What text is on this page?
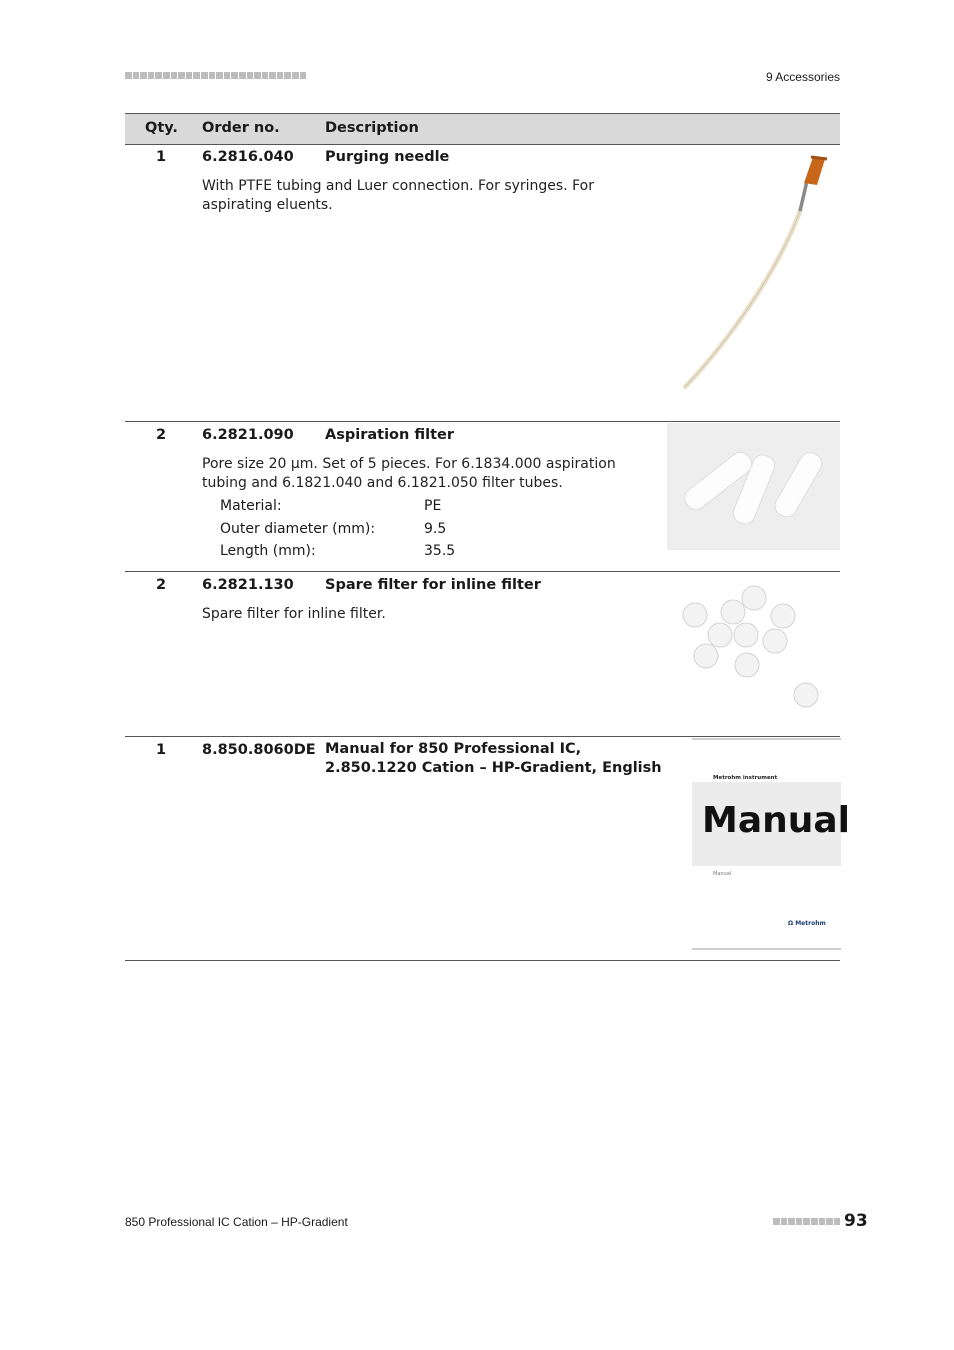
9 Accessories
Qty. Order no.	Description
1	6.2816.040 Purging needle
With PTFE tubing and Luer connection. For syringes. For aspirating eluents.
2	6.2821.090 Aspiration filter
Pore size 20 µm. Set of 5 pieces. For 6.1834.000 aspiration tubing and 6.1821.040 and 6.1821.050 filter tubes.
Material:	PE
Outer diameter (mm):	9.5
Length (mm):	35.5
2	6.2821.130 Spare filter for inline filter
Spare filter for inline filter.
1	8.850.8060DE Manual for 850 Professional IC, 2.850.1220 Cation – HP-Gradient, English
Metrohm instrument
Manual
Manual
Ω Metrohm
850 Professional IC Cation – HP-Gradient	93
